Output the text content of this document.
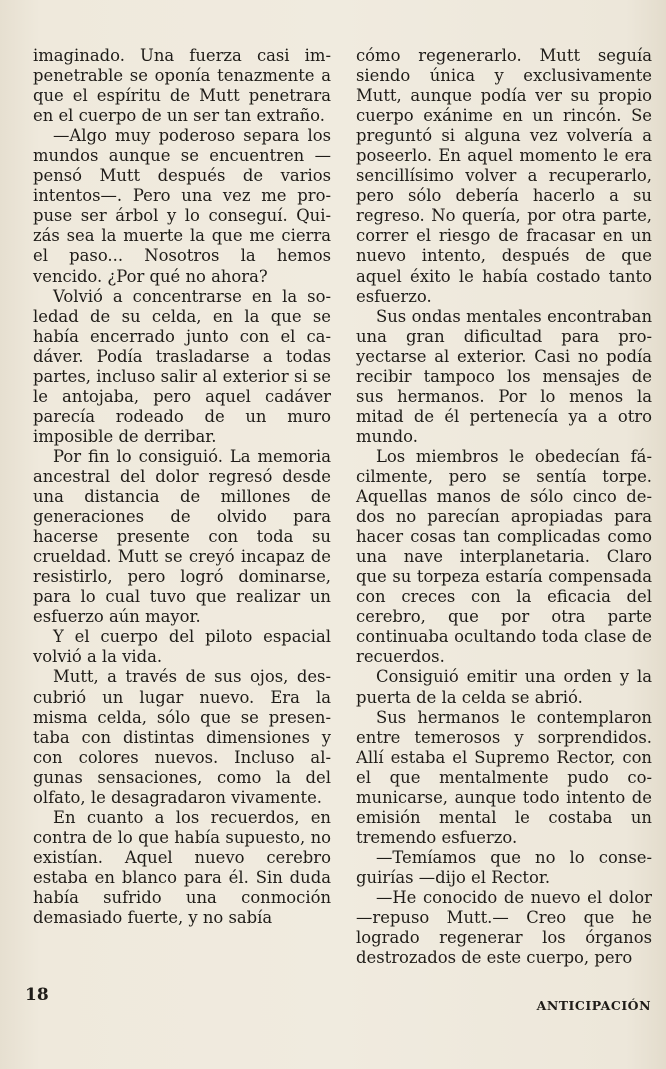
imaginado. Una fuerza casi impenetrable se oponía tenazmente a que el espíritu de Mutt penetrara en el cuerpo de un ser tan extraño.

—Algo muy poderoso separa los mundos aunque se encuentren —pensó Mutt después de varios intentos—. Pero una vez me propuse ser árbol y lo conseguí. Quizás sea la muerte la que me cierra el paso... Nosotros la hemos vencido. ¿Por qué no ahora?

Volvió a concentrarse en la soledad de su celda, en la que se había encerrado junto con el cadáver. Podía trasladarse a todas partes, incluso salir al exterior si se le antojaba, pero aquel cadáver parecía rodeado de un muro imposible de derribar.

Por fin lo consiguió. La memoria ancestral del dolor regresó desde una distancia de millones de generaciones de olvido para hacerse presente con toda su crueldad. Mutt se creyó incapaz de resistirlo, pero logró dominarse, para lo cual tuvo que realizar un esfuerzo aún mayor.

Y el cuerpo del piloto espacial volvió a la vida.

Mutt, a través de sus ojos, descubrió un lugar nuevo. Era la misma celda, sólo que se presentaba con distintas dimensiones y con colores nuevos. Incluso algunas sensaciones, como la del olfato, le desagradaron vivamente.

En cuanto a los recuerdos, en contra de lo que había supuesto, no existían. Aquel nuevo cerebro estaba en blanco para él. Sin duda había sufrido una conmoción demasiado fuerte, y no sabía

cómo regenerarlo. Mutt seguía siendo única y exclusivamente Mutt, aunque podía ver su propio cuerpo exánime en un rincón. Se preguntó si alguna vez volvería a poseerlo. En aquel momento le era sencillísimo volver a recuperarlo, pero sólo debería hacerlo a su regreso. No quería, por otra parte, correr el riesgo de fracasar en un nuevo intento, después de que aquel éxito le había costado tanto esfuerzo.

Sus ondas mentales encontraban una gran dificultad para proyectarse al exterior. Casi no podía recibir tampoco los mensajes de sus hermanos. Por lo menos la mitad de él pertenecía ya a otro mundo.

Los miembros le obedecían fácilmente, pero se sentía torpe. Aquellas manos de sólo cinco dedos no parecían apropiadas para hacer cosas tan complicadas como una nave interplanetaria. Claro que su torpeza estaría compensada con creces con la eficacia del cerebro, que por otra parte continuaba ocultando toda clase de recuerdos.

Consiguió emitir una orden y la puerta de la celda se abrió.

Sus hermanos le contemplaron entre temerosos y sorprendidos. Allí estaba el Supremo Rector, con el que mentalmente pudo comunicarse, aunque todo intento de emisión mental le costaba un tremendo esfuerzo.

—Temíamos que no lo conseguirías —dijo el Rector.

—He conocido de nuevo el dolor —repuso Mutt.— Creo que he logrado regenerar los órganos destrozados de este cuerpo, pero

18
ANTICIPACIÓN
